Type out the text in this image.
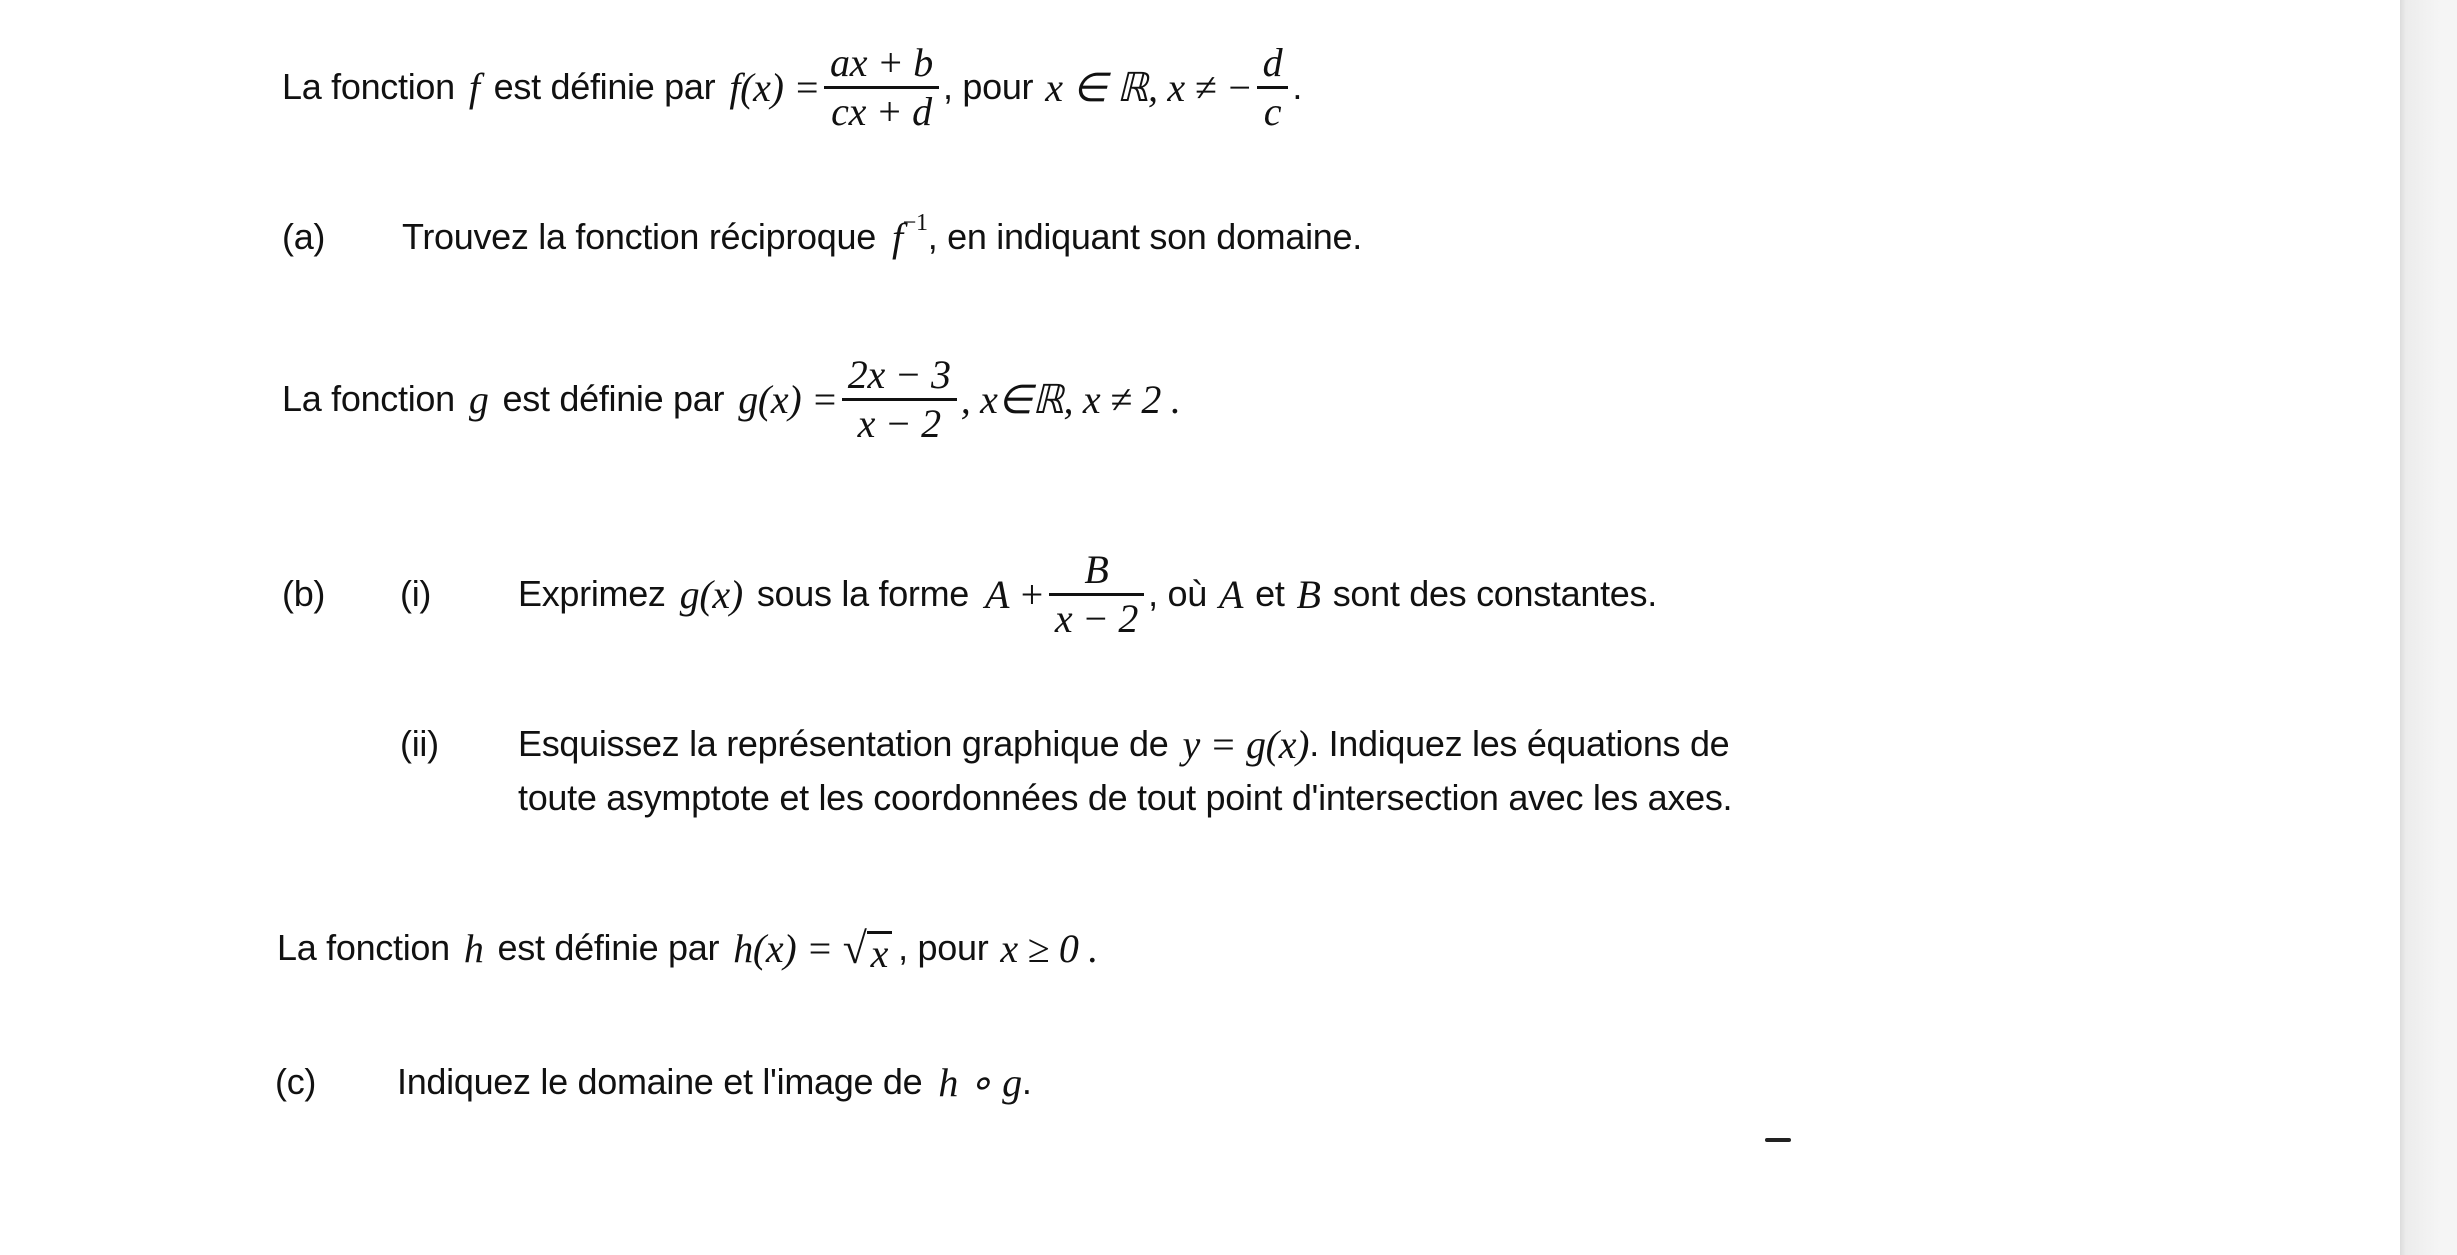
La fonction f est définie par $f(x) = \frac{ax + b}{cx + d}$ , pour x ∈ ℝ, x ≠ − $\frac{d}{c}$ .
(a)	Trouvez la fonction réciproque $f^{-1}$ , en indiquant son domaine.
La fonction g est définie par $g(x) = \frac{2x - 3}{x - 2}$ , x∈ℝ, x ≠ 2 .
(b)	(i)	Exprimez g(x) sous la forme $A + \frac{B}{x - 2}$ , où A et B sont des constantes.
(ii)	Esquissez la représentation graphique de y = g(x) . Indiquez les équations de
toute asymptote et les coordonnées de tout point d'intersection avec les axes.
La fonction h est définie par h(x) = √ x , pour x ≥ 0 .
(c)	Indiquez le domaine et l'image de h ∘ g .
